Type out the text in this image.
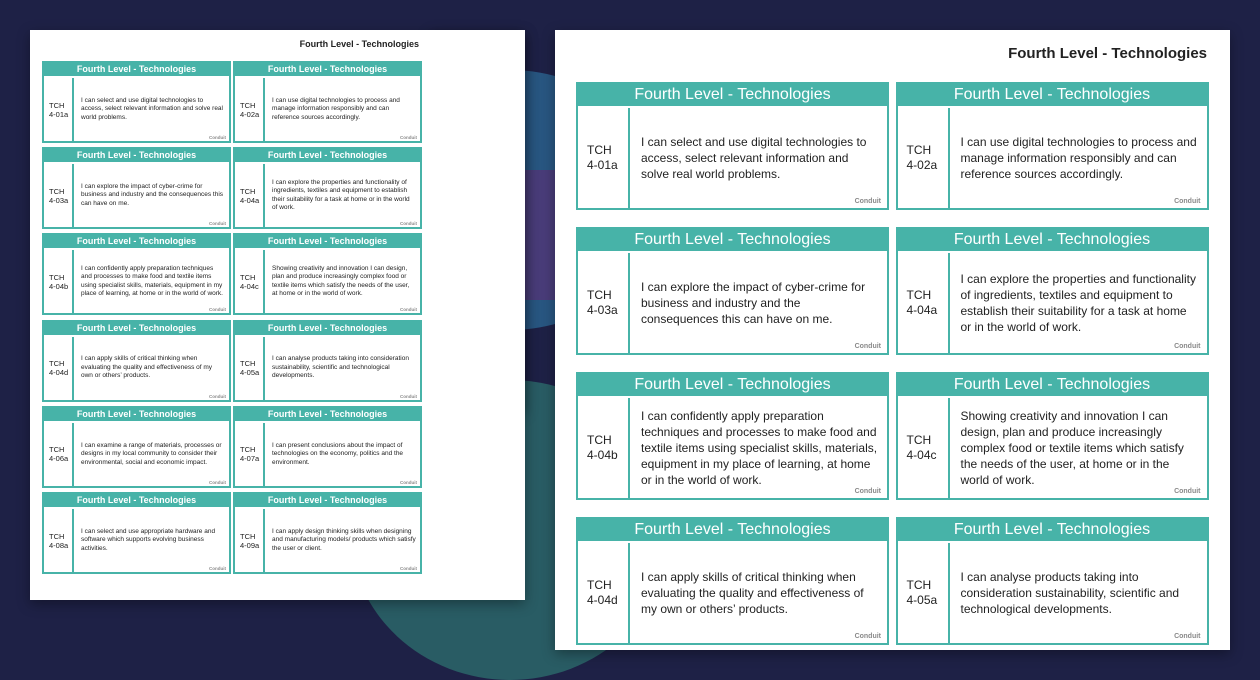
Fourth Level - Technologies
Fourth Level - Technologies
TCH
4-01a
I can select and use digital technologies to access, select relevant information and solve real world problems.
Conduit
Fourth Level - Technologies
TCH
4-02a
I can use digital technologies to process and manage information responsibly and can reference sources accordingly.
Conduit
Fourth Level - Technologies
TCH
4-03a
I can explore the impact of cyber-crime for business and industry and the consequences this can have on me.
Conduit
Fourth Level - Technologies
TCH
4-04a
I can explore the properties and functionality of ingredients, textiles and equipment to establish their suitability for a task at home or in the world of work.
Conduit
Fourth Level - Technologies
TCH
4-04b
I can confidently apply preparation techniques and processes to make food and textile items using specialist skills, materials, equipment in my place of learning, at home or in the world of work.
Conduit
Fourth Level - Technologies
TCH
4-04c
Showing creativity and innovation I can design, plan and produce increasingly complex food or textile items which satisfy the needs of the user, at home or in the world of work.
Conduit
Fourth Level - Technologies
TCH
4-04d
I can apply skills of critical thinking when evaluating the quality and effectiveness of my own or others’ products.
Conduit
Fourth Level - Technologies
TCH
4-05a
I can analyse products taking into consideration sustainability, scientific and technological developments.
Conduit
Fourth Level - Technologies
TCH
4-06a
I can examine a range of materials, processes or designs in my local community to consider their environmental, social and economic impact.
Conduit
Fourth Level - Technologies
TCH
4-07a
I can present conclusions about the impact of technologies on the economy, politics and the environment.
Conduit
Fourth Level - Technologies
TCH
4-08a
I can select and use appropriate hardware and software which supports evolving business activities.
Conduit
Fourth Level - Technologies
TCH
4-09a
I can apply design thinking skills when designing and manufacturing models/ products which satisfy the user or client.
Conduit
Fourth Level - Technologies
Fourth Level - Technologies
TCH
4-01a
I can select and use digital technologies to access, select relevant information and solve real world problems.
Conduit
Fourth Level - Technologies
TCH
4-02a
I can use digital technologies to process and manage information responsibly and can reference sources accordingly.
Conduit
Fourth Level - Technologies
TCH
4-03a
I can explore the impact of cyber-crime for business and industry and the consequences this can have on me.
Conduit
Fourth Level - Technologies
TCH
4-04a
I can explore the properties and functionality of ingredients, textiles and equipment to establish their suitability for a task at home or in the world of work.
Conduit
Fourth Level - Technologies
TCH
4-04b
I can confidently apply preparation techniques and processes to make food and textile items using specialist skills, materials, equipment in my place of learning, at home or in the world of work.
Conduit
Fourth Level - Technologies
TCH
4-04c
Showing creativity and innovation I can design, plan and produce increasingly complex food or textile items which satisfy the needs of the user, at home or in the world of work.
Conduit
Fourth Level - Technologies
TCH
4-04d
I can apply skills of critical thinking when evaluating the quality and effectiveness of my own or others’ products.
Conduit
Fourth Level - Technologies
TCH
4-05a
I can analyse products taking into consideration sustainability, scientific and technological developments.
Conduit
